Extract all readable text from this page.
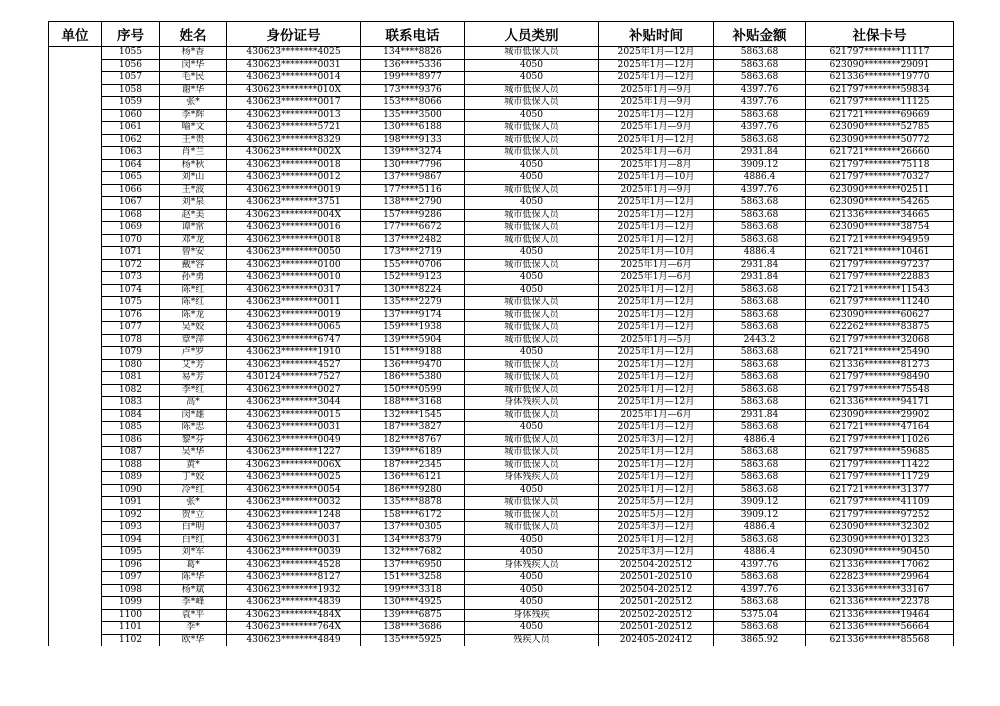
单位	序号	姓名	身份证号	联系电话	人员类别	补贴时间	补贴金额	社保卡号
	1055	杨*香	430623********4025	134****8826	城市低保人员	2025年1月—12月	5863.68	621797********11117
	1056	闵*华	430623********0031	136****5336	4050	2025年1月—12月	5863.68	623090********29091
	1057	毛*民	430623********0014	199****8977	4050	2025年1月—12月	5863.68	621336********19770
	1058	谢*华	430623********010X	173****9376	城市低保人员	2025年1月—9月	4397.76	621797********59834
	1059	张*	430623********0017	153****8066	城市低保人员	2025年1月—9月	4397.76	621797********11125
	1060	李*辉	430623********0013	135****3500	4050	2025年1月—12月	5863.68	621721********69669
	1061	喻*文	430623********5721	130****6188	城市低保人员	2025年1月—9月	4397.76	623090********52785
	1062	王*贵	430623********8329	198****9133	城市低保人员	2025年1月—12月	5863.68	623090********50772
	1063	肖*兰	430623********002X	139****3274	城市低保人员	2025年1月—6月	2931.84	621721********26660
	1064	杨*秋	430623********0018	130****7796	4050	2025年1月—8月	3909.12	621797********75118
	1065	刘*山	430623********0012	137****9867	4050	2025年1月—10月	4886.4	621797********70327
	1066	王*波	430623********0019	177****5116	城市低保人员	2025年1月—9月	4397.76	623090********02511
	1067	刘*泉	430623********3751	138****2790	4050	2025年1月—12月	5863.68	623090********54265
	1068	赵*美	430623********004X	157****9286	城市低保人员	2025年1月—12月	5863.68	621336********34665
	1069	谭*常	430623********0016	177****6672	城市低保人员	2025年1月—12月	5863.68	623090********38754
	1070	邓*龙	430623********0018	137****2482	城市低保人员	2025年1月—12月	5863.68	621721********94959
	1071	曾*安	430623********0050	173****2719	4050	2025年1月—10月	4886.4	621721********10461
	1072	戴*容	430623********0100	155****0706	城市低保人员	2025年1月—6月	2931.84	621797********97237
	1073	孙*勇	430623********0010	152****9123	4050	2025年1月—6月	2931.84	621797********22883
	1074	陈*红	430623********0317	130****8224	4050	2025年1月—12月	5863.68	621721********11543
	1075	陈*红	430623********0011	135****2279	城市低保人员	2025年1月—12月	5863.68	621797********11240
	1076	陈*龙	430623********0019	137****9174	城市低保人员	2025年1月—12月	5863.68	623090********60627
	1077	吴*姣	430623********0065	159****1938	城市低保人员	2025年1月—12月	5863.68	622262********83875
	1078	覃*萍	430623********6747	139****5904	城市低保人员	2025年1月—5月	2443.2	621797********32068
	1079	卢*罗	430623********1910	151****9188	4050	2025年1月—12月	5863.68	621721********25490
	1080	艾*芳	430623********4527	136****9470	城市低保人员	2025年1月—12月	5863.68	621336********81273
	1081	易*芳	430124********7527	186****5380	城市低保人员	2025年1月—12月	5863.68	621797********98490
	1082	李*红	430623********0027	150****0599	城市低保人员	2025年1月—12月	5863.68	621797********75548
	1083	高*	430623********3044	188****3168	身体残疾人员	2025年1月—12月	5863.68	621336********94171
	1084	闵*雄	430623********0015	132****1545	城市低保人员	2025年1月—6月	2931.84	623090********29902
	1085	陈*忠	430623********0031	187****3827	4050	2025年1月—12月	5863.68	621721********47164
	1086	黎*芬	430623********0049	182****8767	城市低保人员	2025年3月—12月	4886.4	621797********11026
	1087	吴*华	430623********1227	139****6189	城市低保人员	2025年1月—12月	5863.68	621797********59685
	1088	黄*	430623********006X	187****2345	城市低保人员	2025年1月—12月	5863.68	621797********11422
	1089	丁*姣	430623********0025	136****6121	身体残疾人员	2025年1月—12月	5863.68	621797********11729
	1090	冷*红	430623********0054	186****9280	4050	2025年1月—12月	5863.68	621721********31377
	1091	张*	430623********0032	135****8878	城市低保人员	2025年5月—12月	3909.12	621797********41109
	1092	贺*立	430623********1248	158****6172	城市低保人员	2025年5月—12月	3909.12	621797********97252
	1093	白*明	430623********0037	137****0305	城市低保人员	2025年3月—12月	4886.4	623090********32302
	1094	白*红	430623********0031	134****8379	4050	2025年1月—12月	5863.68	623090********01323
	1095	刘*军	430623********0039	132****7682	4050	2025年3月—12月	4886.4	623090********90450
	1096	葛*	430623********4528	137****6950	身体残疾人员	202504-202512	4397.76	621336********17062
	1097	陈*华	430623********8127	151****3258	4050	202501-202510	5863.68	622823********29964
	1098	杨*斌	430623********1932	199****3318	4050	202504-202512	4397.76	621336********33167
	1099	李*峰	430623********4839	130****4925	4050	202501-202512	5863.68	621336********22378
	1100	袁*平	430623********484X	139****6875	身体残疾	202502-202512	5375.04	621336********19464
	1101	李*	430623********764X	138****3686	4050	202501-202512	5863.68	621336********56664
	1102	欧*华	430623********4849	135****5925	残疾人员	202405-202412	3865.92	621336********85568
